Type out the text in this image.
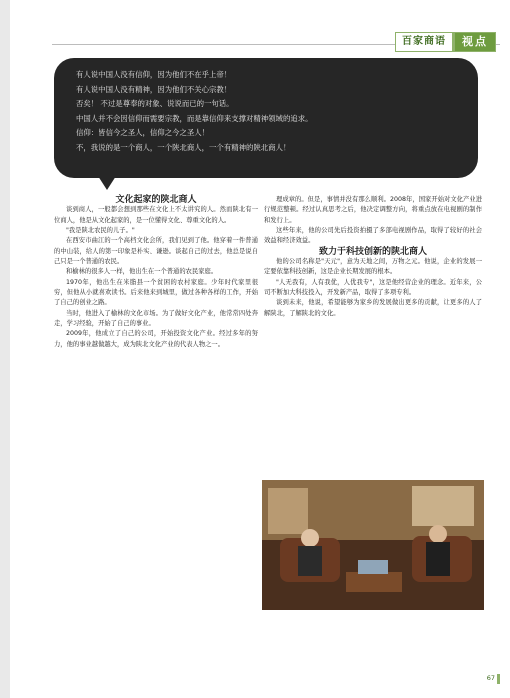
百家商语	视点

有人说中国人没有信仰，因为他们不在乎上帝！

有人说中国人没有精神，因为他们不关心宗教！

否矣！ 不过是尊奉的对象、说说而已的一句话。

中国人并不会因信仰而需要宗教，而是靠信仰来支撑对精神领域的追求。

信仰：皆信今之圣人，信仰之今之圣人！

不，我说的是一个商人，一个陕北商人，一个有精神的陕北商人！

文化起家的陕北商人

谈到商人，一般都会想到那些在文化上不太讲究的人。然而陕北有一位商人，他是从文化起家的，是一位懂得文化、尊重文化的人。

"我是陕北农民的儿子。"

在西安市曲江的一个高档文化会所，我们见到了他。他穿着一件普通的中山装，给人的第一印象是朴实、谦逊。谈起自己的过去，他总是说自己只是一个普通的农民。

和榆林的很多人一样，他出生在一个普通的农民家庭。

1970年，他出生在米脂县一个贫困的农村家庭。少年时代家里很穷，但他从小就喜欢读书。后来他来到城里，做过各种各样的工作，开始了自己的创业之路。

当时，他进入了榆林的文化市场。为了做好文化产业，他常常四处奔走，学习经验，开始了自己的事业。

2009年，他成立了自己的公司，开始投资文化产业。经过多年的努力，他的事业越做越大，成为陕北文化产业的代表人物之一。

理成章的。但是，事情并没有那么顺利。2008年，国家开始对文化产业进行规范整顿。经过认真思考之后，他决定调整方向，将重点放在电视剧的制作和发行上。

这些年来，他的公司先后投资拍摄了多部电视剧作品，取得了较好的社会效益和经济效益。

致力于科技创新的陕北商人

他的公司名称是"天元"，意为天地之间，万物之元。他说，企业的发展一定要依靠科技创新，这是企业长期发展的根本。

"人无我有，人有我优，人优我专"，这是他经营企业的理念。近年来，公司不断加大科技投入，开发新产品，取得了多项专利。

谈到未来，他说，希望能够为家乡的发展做出更多的贡献，让更多的人了解陕北，了解陕北的文化。

67
